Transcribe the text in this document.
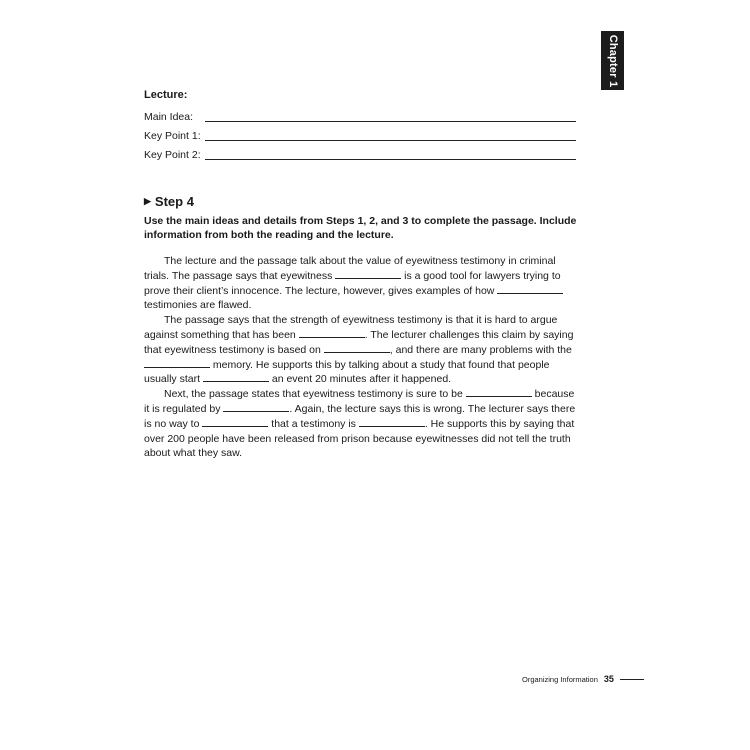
Chapter 1
Lecture:
Main Idea:
Key Point 1:
Key Point 2:
▶ Step 4
Use the main ideas and details from Steps 1, 2, and 3 to complete the passage. Include information from both the reading and the lecture.

The lecture and the passage talk about the value of eyewitness testimony in criminal trials. The passage says that eyewitness	is a good tool for lawyers trying to prove their client’s innocence. The lecture, however, gives examples of how  testimonies are flawed.

The passage says that the strength of eyewitness testimony is that it is hard to argue against something that has been	. The lecturer challenges this claim by saying that eyewitness testimony is based on	, and there are many problems with the  memory. He supports this by talking about a study that found that people usually start	an event 20 minutes after it happened.

Next, the passage states that eyewitness testimony is sure to be	because it is regulated by	. Again, the lecture says this is wrong. The lecturer says there is no way to	that a testimony is	. He supports this by saying that over 200 people have been released from prison because eyewitnesses did not tell the truth about what they saw.

Organizing Information 35
